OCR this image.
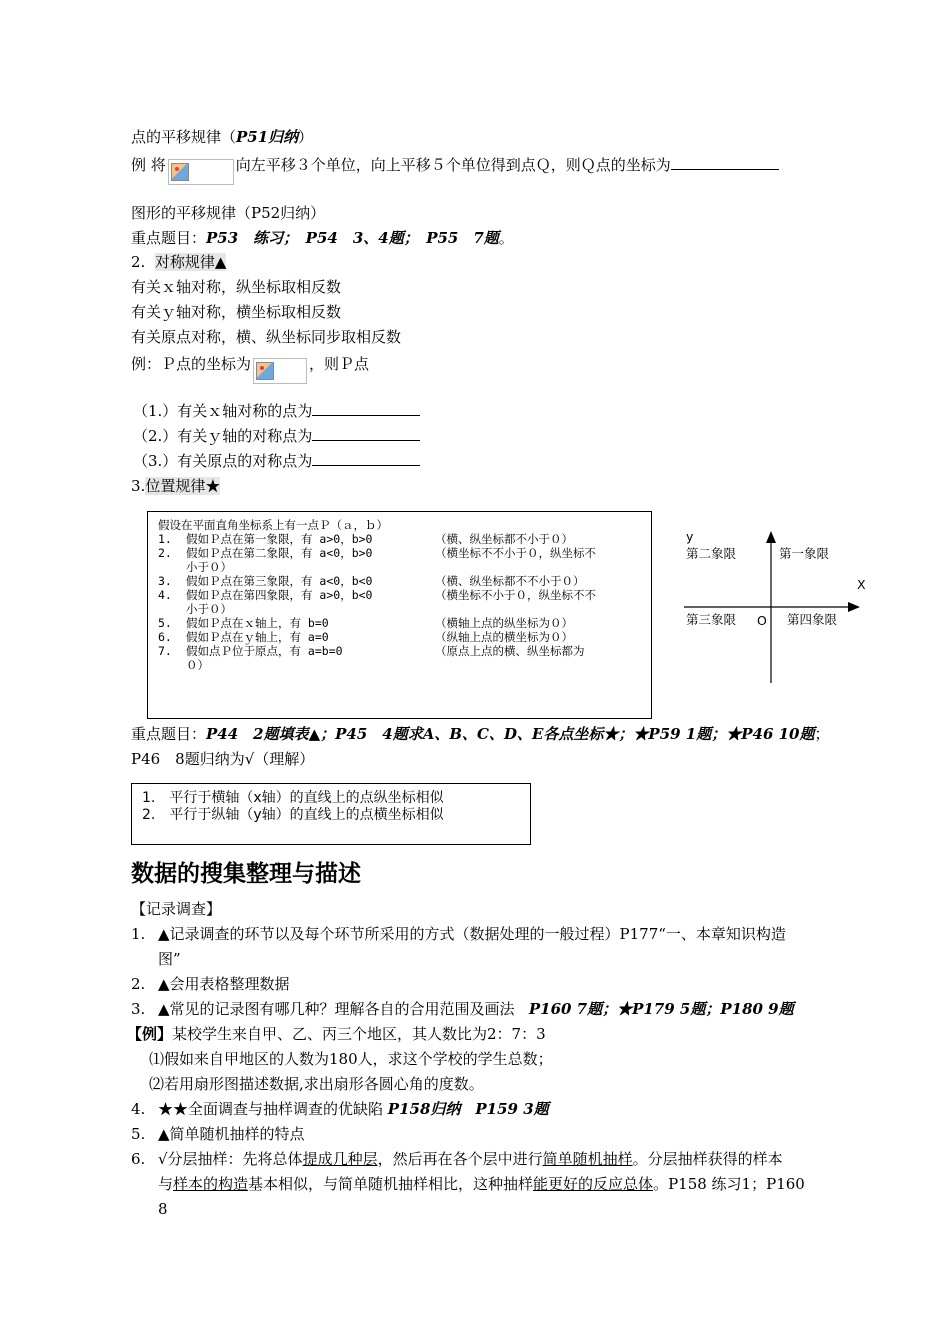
点的平移规律（P51归纳）
例 将	向左平移３个单位，向上平移５个单位得到点Ｑ，则Ｑ点的坐标为
图形的平移规律（P52归纳）
重点题目：P53　练习；　P54　3、4题；　P55　7题。
2. 对称规律▲
有关ｘ轴对称，纵坐标取相反数
有关ｙ轴对称，横坐标取相反数
有关原点对称，横、纵坐标同步取相反数
例：Ｐ点的坐标为	，则Ｐ点
（1.）有关ｘ轴对称的点为
（2.）有关ｙ轴的对称点为
（3.）有关原点的对称点为
3.位置规律★
假设在平面直角坐标系上有一点Ｐ（ａ，ｂ）
1. 假如Ｐ点在第一象限，有 a>0，b>0	（横、纵坐标都不小于０）
2. 假如Ｐ点在第二象限，有 a<0，b>0	（横坐标不不小于０，纵坐标不
小于０）
3. 假如Ｐ点在第三象限，有 a<0，b<0	（横、纵坐标都不不小于０）
4. 假如Ｐ点在第四象限，有 a>0，b<0	（横坐标不小于０，纵坐标不不
小于０）
5. 假如Ｐ点在ｘ轴上，有 b=0	（横轴上点的纵坐标为０）
6. 假如Ｐ点在ｙ轴上，有 a=0	（纵轴上点的横坐标为０）
7. 假如点Ｐ位于原点，有 a=b=0	（原点上点的横、纵坐标都为
０）
y
第二象限	第一象限
X
第三象限 O 第四象限
重点题目：P44　2题填表▲；P45　4题求A、B、C、D、E各点坐标★；★P59 1题；★P46 10题；
P46　8题归纳为√（理解）
1.　平行于横轴（x轴）的直线上的点纵坐标相似
2.　平行于纵轴（y轴）的直线上的点横坐标相似
数据的搜集整理与描述
【记录调查】
1. ▲记录调查的环节以及每个环节所采用的方式（数据处理的一般过程）P177“一、本章知识构造
图”
2. ▲会用表格整理数据
3. ▲常见的记录图有哪几种？理解各自的合用范围及画法 P160 7题；★P179 5题；P180 9题
【例】某校学生来自甲、乙、丙三个地区，其人数比为2：7：3
⑴假如来自甲地区的人数为180人，求这个学校的学生总数；
⑵若用扇形图描述数据,求出扇形各圆心角的度数。
4. ★★全面调查与抽样调查的优缺陷 P158归纳　P159 3题
5. ▲简单随机抽样的特点
6. √分层抽样：先将总体提成几种层，然后再在各个层中进行简单随机抽样。分层抽样获得的样本
与样本的构造基本相似，与简单随机抽样相比，这种抽样能更好的反应总体。P158 练习1；P160
8
